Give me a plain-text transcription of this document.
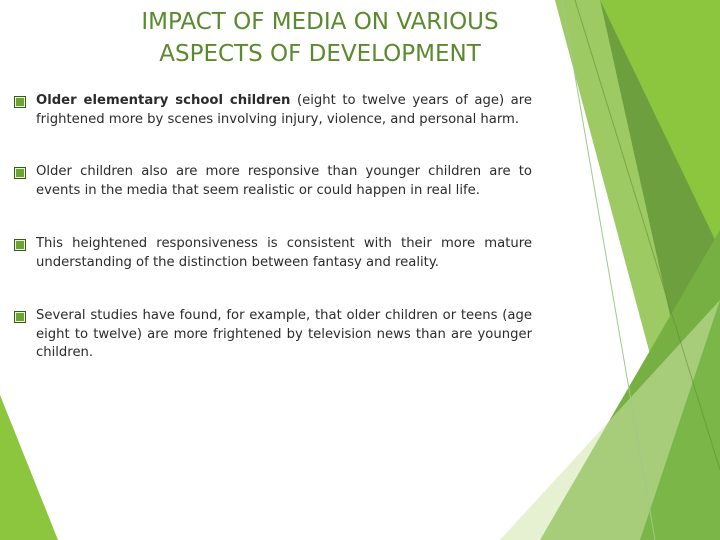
IMPACT OF MEDIA ON VARIOUS
ASPECTS OF DEVELOPMENT
Older elementary school children (eight to twelve years of age) are frightened more by scenes involving injury, violence, and personal harm.
Older children also are more responsive than younger children are to events in the media that seem realistic or could happen in real life.
This heightened responsiveness is consistent with their more mature understanding of the distinction between fantasy and reality.
Several studies have found, for example, that older children or teens (age eight to twelve) are more frightened by television news than are younger children.
